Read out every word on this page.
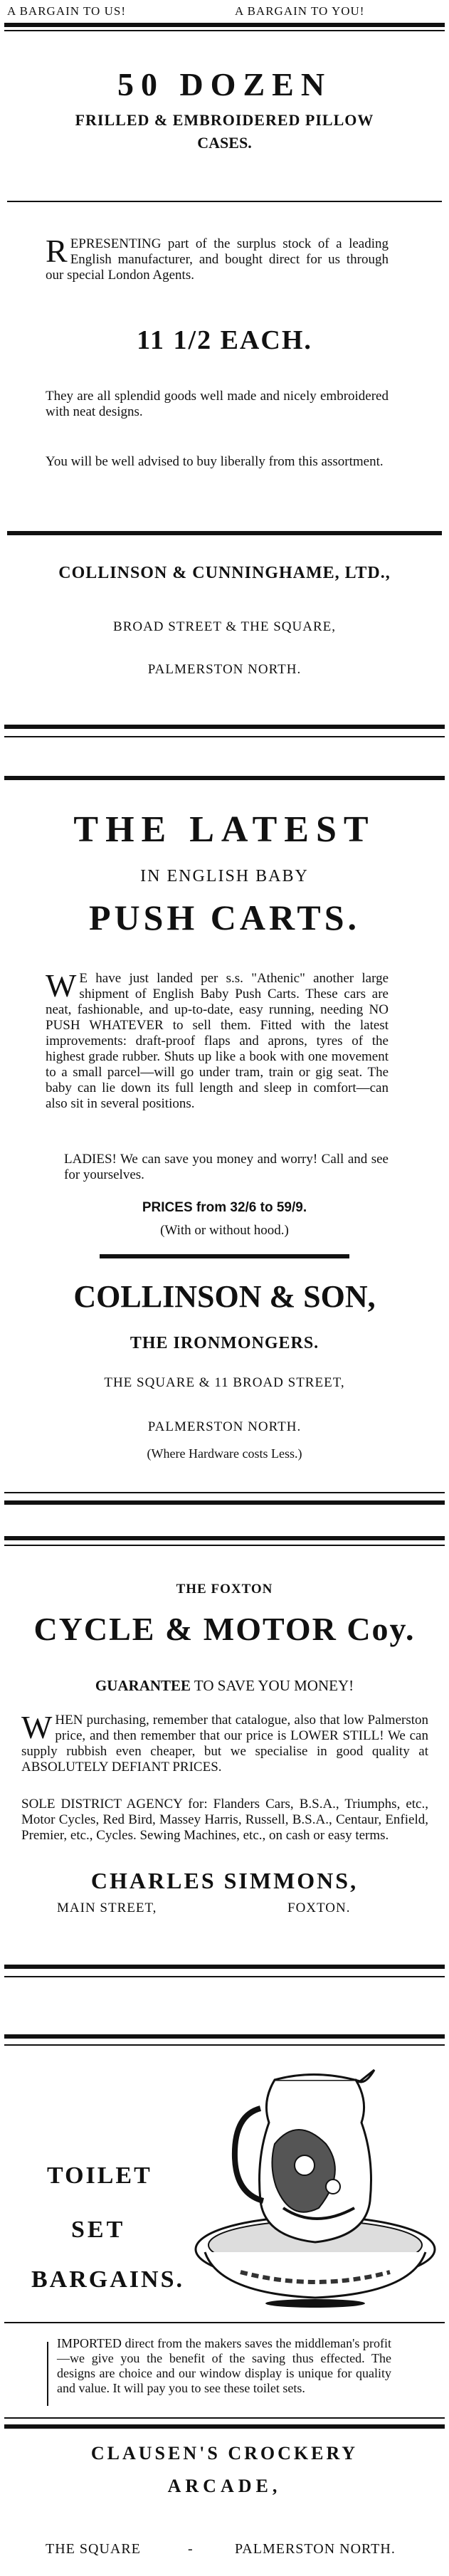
A BARGAIN TO US!	A BARGAIN TO YOU!
50 DOZEN
FRILLED & EMBROIDERED PILLOW
CASES.
REPRESENTING part of the surplus stock of a leading English manufacturer, and bought direct for us through our special London Agents.
11 1/2 EACH.
They are all splendid goods well made and nicely embroidered with neat designs.
You will be well advised to buy liberally from this assortment.
COLLINSON & CUNNINGHAME, LTD.,
BROAD STREET & THE SQUARE,
PALMERSTON NORTH.
THE LATEST
IN ENGLISH BABY
PUSH CARTS.
WE have just landed per s.s. "Athenic" another large shipment of English Baby Push Carts. These cars are neat, fashionable, and up-to-date, easy running, needing NO PUSH WHATEVER to sell them. Fitted with the latest improvements: draft-proof flaps and aprons, tyres of the highest grade rubber. Shuts up like a book with one movement to a small parcel—will go under tram, train or gig seat. The baby can lie down its full length and sleep in comfort—can also sit in several positions.
LADIES! We can save you money and worry! Call and see for yourselves.
PRICES from 32/6 to 59/9.
(With or without hood.)
COLLINSON & SON,
THE IRONMONGERS.
THE SQUARE & 11 BROAD STREET,
PALMERSTON NORTH.
(Where Hardware costs Less.)
THE FOXTON
CYCLE & MOTOR Coy.
GUARANTEE TO SAVE YOU MONEY!
WHEN purchasing, remember that catalogue, also that low Palmerston price, and then remember that our price is LOWER STILL! We can supply rubbish even cheaper, but we specialise in good quality at ABSOLUTELY DEFIANT PRICES.
SOLE DISTRICT AGENCY for: Flanders Cars, B.S.A., Triumphs, etc., Motor Cycles, Red Bird, Massey Harris, Russell, B.S.A., Centaur, Enfield, Premier, etc., Cycles. Sewing Machines, etc., on cash or easy terms.
CHARLES SIMMONS,
MAIN STREET,	FOXTON.
TOILET
SET
BARGAINS.
IMPORTED direct from the makers saves the middleman's profit—we give you the benefit of the saving thus effected. The designs are choice and our window display is unique for quality and value. It will pay you to see these toilet sets.
CLAUSEN'S CROCKERY
ARCADE,
THE SQUARE	-	PALMERSTON NORTH.
